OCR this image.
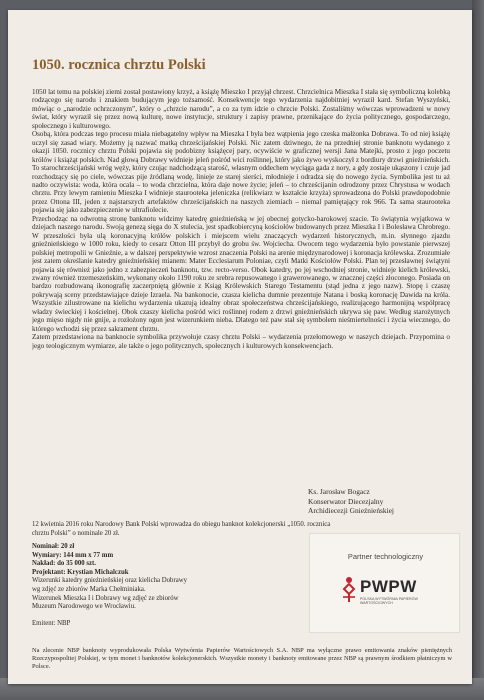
1050. rocznica chrztu Polski

1050 lat temu na polskiej ziemi został postawiony krzyż, a książę Mieszko I przyjął chrzest. Chrzcielnica Mieszka I stała się symboliczną kolebką rodzącego się narodu i znakiem budującym jego tożsamość. Konsekwencje tego wydarzenia najdobitniej wyraził kard. Stefan Wyszyński, mówiąc o „narodzie ochrzczonym”, który o „chrzcie narodu”, a co za tym idzie o chrzcie Polski. Zostaliśmy wówczas wprowadzeni w nowy świat, który wyraził się przez nową kulturę, nowe instytucje, struktury i zapisy prawne, przenikające do życia politycznego, gospodarczego, społecznego i kulturowego.

Osobą, która podczas tego procesu miała niebagatelny wpływ na Mieszka I była bez wątpienia jego czeska małżonka Dobrawa. To od niej książę uczył się zasad wiary. Możemy ją nazwać matką chrześcijańskiej Polski. Nic zatem dziwnego, że na przedniej stronie banknotu wydanego z okazji 1050. rocznicy chrztu Polski pojawia się podobizny książęcej pary, ocywiście w graficznej wersji Jana Matejki, prosto z jego poczetu królów i książąt polskich. Nad głową Dobrawy widnieje jeleń pośród wici roślinnej, który jako żywo wyskoczył z bordiury drzwi gnieźnieńskich. To starochrześcijański wróg węży, który czując nadchodzącą starość, własnym oddechem wyciąga gada z nory, a gdy zostaje ukąszony i czuje jad rozchodzący się po ciele, wówczas pije źródlaną wodę, liniejе ze starej sierści, młodnieje i odradza się do nowego życia. Symbolika jest tu aż nadto oczywista: woda, która ocala – to woda chrzcielna, która daje nowe życie; jeleń – to chrześcijanin odrodzony przez Chrystusa w wodach chrztu. Przy lewym ramieniu Mieszka I widnieje staurooteka jeleniczka (relikwiarz w kształcie krzyża) sprowadzona do Polski prawdopodobnie przez Ottona III, jeden z najstarszych artefaktów chrześcijańskich na naszych ziemiach – niemal pamiętający rok 966. Ta sama staurooteka pojawia się jako zabezpieczenie w ultrafiolecie.

Przechodząc na odwrotną stronę banknotu widzimy katedrę gnieźnieńską w jej obecnej gotycko-barokowej szacie. To świątynia wyjątkowa w dziejach naszego narodu. Swoją genezą sięga do X stulecia, jest spadkobiercyną kościołów budowanych przez Mieszka I i Bolesława Chrobrego. W przeszłości była ulą koronacyjną królów polskich i miejscem wielu znaczących wydarzeń historycznych, m.in. słynnego zjazdu gnieźnieńskiego w 1000 roku, kiedy to cesarz Otton III przybył do grobu św. Wojciecha. Owocem tego wydarzenia było powstanie pierwszej polskiej metropolii w Gnieźnie, a w dalszej perspektywie wzrost znaczenia Polski na arenie międzynarodowej i koronacja królewska. Zrozumiałe jest zatem określanie katedry gnieźnieńskiej mianem: Mater Ecclesiarum Poloniae, czyli Matki Kościołów Polski. Plan tej przesławnej świątyni pojawia się również jako jedno z zabezpieczeń banknotu, tzw. recto-verso. Obok katedry, po jej wschodniej stronie, widnieje kielich królewski, zwany również trzemeszeńskim, wykonany około 1190 roku ze srebra repusowanego i grawerowanego, w znacznej części złoconego. Posiada on bardzo rozbudowaną ikonografię zaczerpniętą głównie z Ksiąg Królewskich Starego Testamentu (stąd jedna z jego nazw). Stopę i czaszę pokrywają sceny przedstawiające dzieje Izraela. Na bankonocie, czasza kielicha dumnie prezentuje Natana i boską koronację Dawida na króla. Wszystkie zilustrowane na kielichu wydarzenia ukazują idealny obraz społeczeństwa chrześcijańskiego, realizującego harmonijną współpracę władzy świeckiej i kościelnej. Obok czaszy kielicha pośród wici roślinnej rodem z drzwi gnieźnieńskich ukrywa się paw. Według starożytnych jego mięso nigdy nie gnije, a rozłożony ogon jest wizerunkiem nieba. Dlatego też paw stał się symbolem nieśmiertelności i życia wiecznego, do którego wchodzi się przez sakrament chrztu.

Zatem przedstawiona na banknocie symbolika przywołuje czasy chrztu Polski – wydarzenia przełomowego w naszych dziejach. Przypomina o jego teologicznym wymiarze, ale także o jego politycznych, społecznych i kulturowych konsekwencjach.

Ks. Jarosław Bogacz
Konserwator Diecezjalny
Archidiecezji Gnieźnieńskiej
12 kwietnia 2016 roku Narodowy Bank Polski wprowadza do obiegu banknot kolekcjonerski „1050. rocznica chrztu Polski” o nominale 20 zł.
Nominał: 20 zł
Wymiary: 144 mm x 77 mm
Nakład: do 35 000 szt.
Projektant: Krystian Michalczuk
Wizerunki katedry gnieźnieńskiej oraz kielicha Dobrawy
wg zdjęć ze zbiorów Marka Chełminiaka.
Wizerunek Mieszka I i Dobrawy wg zdjęć ze zbiorów
Muzeum Narodowego we Wrocławiu.
Emitent: NBP
Partner technologiczny
PWPW
POLSKA WYTWÓRNIA PAPIERÓW WARTOŚCIOWYCH
Na zlecenie NBP banknoty wyprodukowała Polska Wytwórnia Papierów Wartościowych S.A. NBP ma wyłączne prawo emitowania znaków pieniężnych Rzeczypospolitej Polskiej, w tym monet i banknotów kolekcjonerskich. Wszystkie monety i banknoty emitowane przez NBP są prawnym środkiem płatniczym w Polsce.
